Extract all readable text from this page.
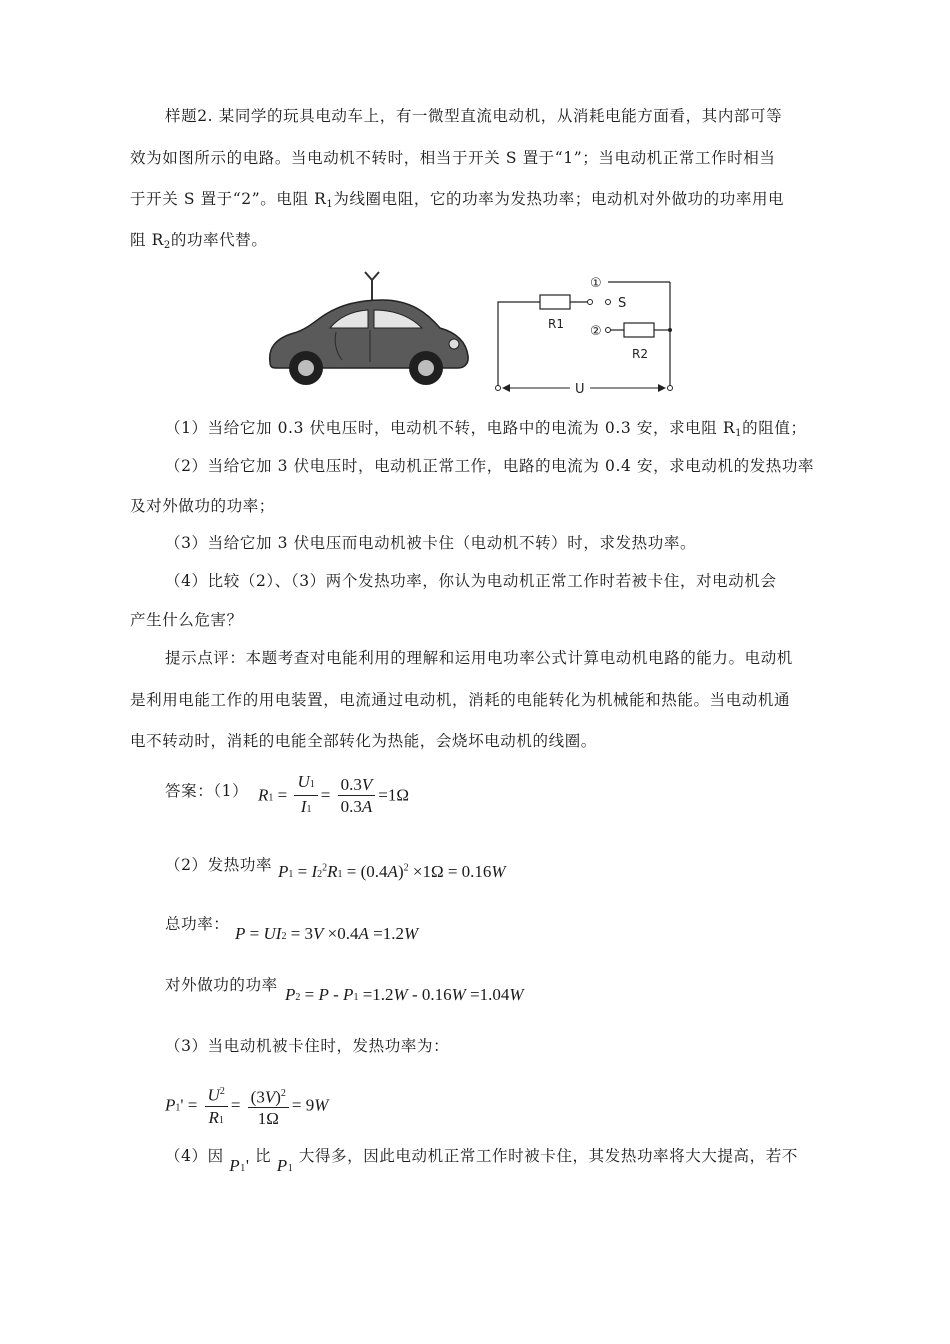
样题2. 某同学的玩具电动车上，有一微型直流电动机，从消耗电能方面看，其内部可等
效为如图所示的电路。当电动机不转时，相当于开关 S 置于“1”；当电动机正常工作时相当
于开关 S 置于“2”。电阻 $R_1$为线圈电阻，它的功率为发热功率；电动机对外做功的功率用电
阻 $R_2$的功率代替。
①
S
②
R1
R2
U
（1）当给它加 0.3 伏电压时，电动机不转，电路中的电流为 0.3 安，求电阻 $R_1$的阻值；
（2）当给它加 3 伏电压时，电动机正常工作，电路的电流为 0.4 安，求电动机的发热功率
及对外做功的功率；
（3）当给它加 3 伏电压而电动机被卡住（电动机不转）时，求发热功率。
（4）比较（2）、（3）两个发热功率，你认为电动机正常工作时若被卡住，对电动机会
产生什么危害？
提示点评：本题考查对电能利用的理解和运用电功率公式计算电动机电路的能力。电动机
是利用电能工作的用电装置，电流通过电动机，消耗的电能转化为机械能和热能。当电动机通
电不转动时，消耗的电能全部转化为热能，会烧坏电动机的线圈。
答案：（1） $R1 = \frac{U1}{I1} = \frac{0.3V}{0.3A} =1\Omega$
（2）发热功率 $P1 = I2^2R1 = (0.4A)^2 \times 1\Omega = 0.16W$
总功率： P = UI2 = 3V ×0.4A =1.2W
对外做功的功率 P2 = P - P1 =1.2W - 0.16W =1.04W
（3）当电动机被卡住时，发热功率为：
$P1' = \frac{U^2}{R1} = \frac{(3V)^2}{1\Omega} = 9W$
（4）因 P1' 比 P1 大得多，因此电动机正常工作时被卡住，其发热功率将大大提高，若不
